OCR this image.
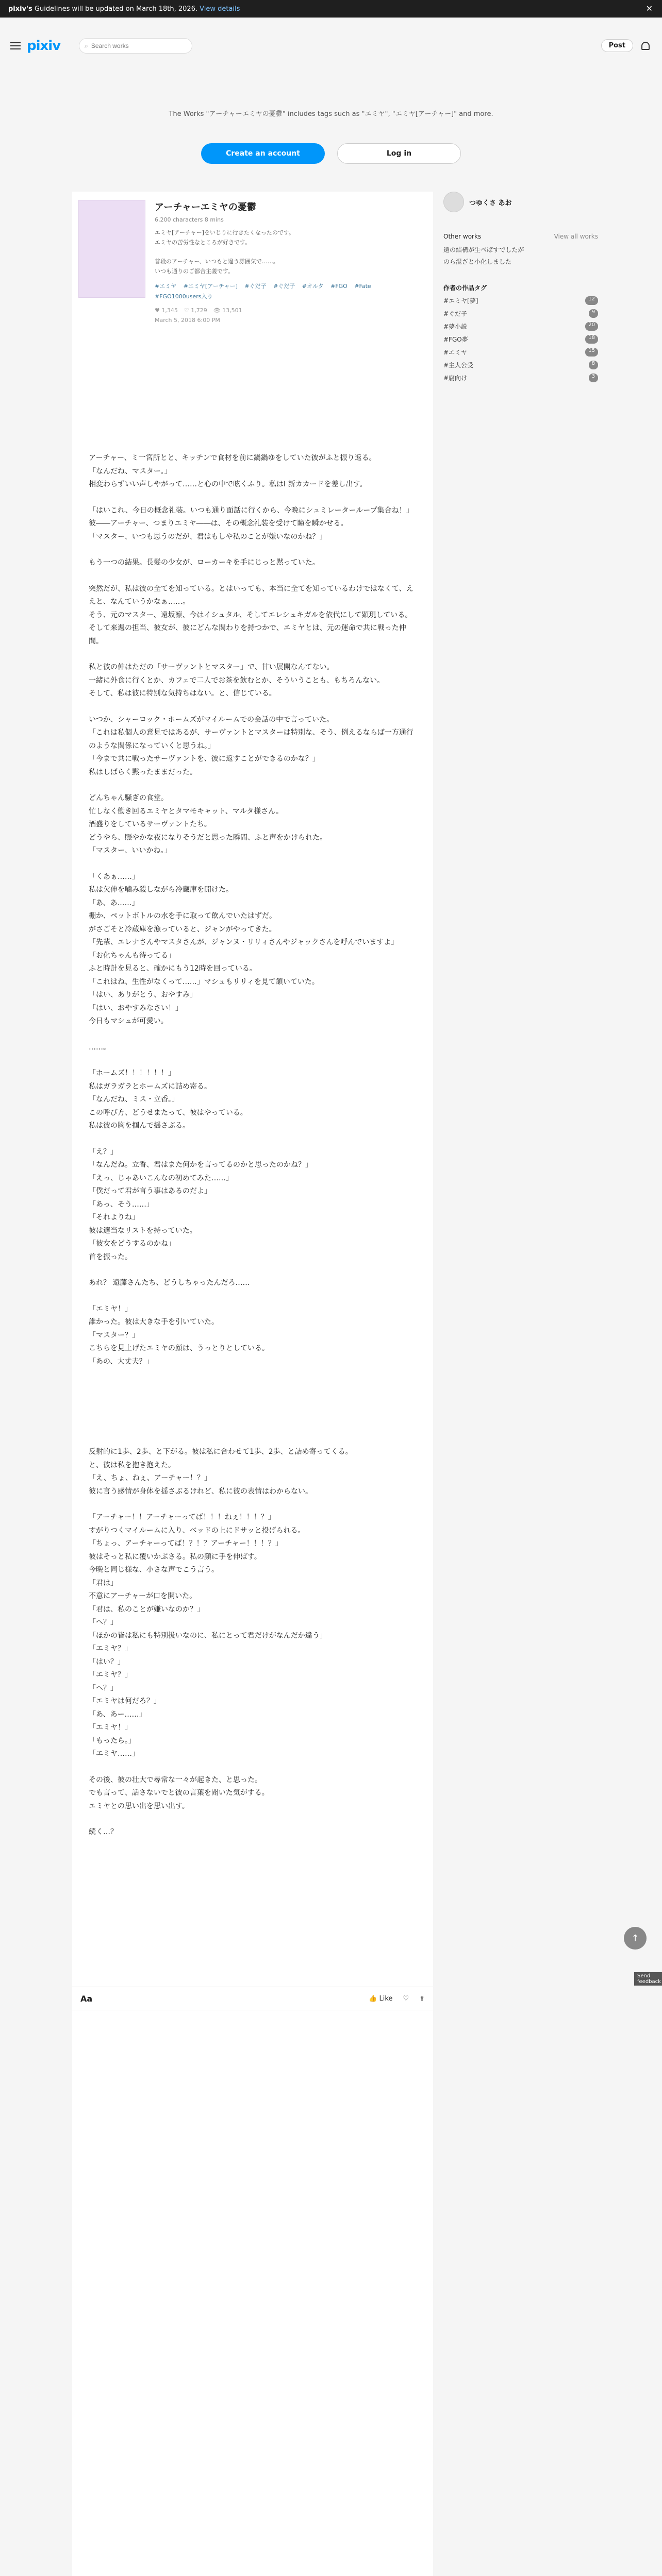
pixiv's
Guidelines will be updated on March 18th, 2026. View details	✕
pixiv	⌕
Search works	Post
The Works "アーチャーエミヤの憂鬱" includes tags such as "エミヤ", "エミヤ[アーチャー]" and more.
Create an account	Log in
アーチャーエミヤの憂鬱
6,200 characters 8 mins
エミヤ[アーチャー]をいじりに行きたくなったのです。
エミヤの苦労性なところが好きです。

普段のアーチャー、いつもと違う雰囲気で……。
いつも通りのご都合主義です。
#エミヤ #エミヤ[アーチャー] #ぐだ子 #ぐだ子 #オルタ #FGO #Fate #FGO1000users入り
♥ 1,345 ♡ 1,729 👁 13,501
March 5, 2018 6:00 PM

アーチャー、ミ一宮所とと、キッチンで食材を前に鍋鍋ゆをしていた彼がふと振り返る。
「なんだね、マスター。」
相変わらずいい声しやがって……と心の中で呟くふり。私はI 新カカードを差し出す。

「はいこれ、今日の概念礼装。いつも通り面話に行くから、今晩にシュミレーターループ集合ね！」
彼――アーチャー、つまりエミヤ――は、その概念礼装を受けて瞳を瞬かせる。
「マスター、いつも思うのだが、君はもしや私のことが嫌いなのかね？」

もう一つの結果。長髪の少女が、ローカーキを手にじっと黙っていた。

突然だが、私は彼の全てを知っている。とはいっても、本当に全てを知っているわけではなくて、ええと、なんていうかなぁ……。
そう、元のマスター、遠坂凛、今はイシュタル、そしてエレシュキガルを依代にして顕現している。
そして来週の担当、彼女が、彼にどんな関わりを持つかで、エミヤとは、元の運命で共に戦った仲間。

私と彼の仲はただの「サーヴァントとマスター」で、甘い展開なんてない。
一緒に外食に行くとか、カフェで二人でお茶を飲むとか、そういうことも、もちろんない。
そして、私は彼に特別な気持ちはない。と、信じている。

いつか、シャーロック・ホームズがマイルームでの会話の中で言っていた。
「これは私個人の意見ではあるが、サーヴァントとマスターは特別な、そう、例えるならば一方通行のような関係になっていくと思うね。」
「今まで共に戦ったサーヴァントを、彼に返すことができるのかな？」
私はしばらく黙ったままだった。

どんちゃん騒ぎの食堂。
忙しなく働き回るエミヤとタマモキャット、マルタ様さん。
酒盛りをしているサーヴァントたち。
どうやら、賑やかな夜になりそうだと思った瞬間、ふと声をかけられた。
「マスター、いいかね。」

「くあぁ……」
私は欠伸を噛み殺しながら冷蔵庫を開けた。
「あ、あ……」
棚か、ペットボトルの水を手に取って飲んでいたはずだ。
がさごそと冷蔵庫を漁っていると、ジャンがやってきた。
「先輩、エレナさんやマスタさんが、ジャンヌ・リリィさんやジャックさんを呼んでいますよ」
「お化ちゃんも待ってる」
ふと時計を見ると、確かにもう12時を回っている。
「これはね、生性がなくって……」マシュもリリィを見て頷いていた。
「はい、ありがとう、おやすみ」
「はい、おやすみなさい！」
今日もマシュが可愛い。

……。

「ホームズ！！！！！！」
私はガラガラとホームズに詰め寄る。
「なんだね、ミス・立香。」
この呼び方、どうせまたって、彼はやっている。
私は彼の胸を掴んで揺さぶる。

「え？」
「なんだね。立香、君はまた何かを言ってるのかと思ったのかね？」
「えっ、じゃあいこんなの初めてみた……」
「僕だって君が言う事はあるのだよ」
「あっ、そう……」
「それよりね」
彼は適当なリストを持っていた。
「彼女をどうするのかね」
首を振った。

あれ？ 遠藤さんたち、どうしちゃったんだろ……

「エミヤ！」
誰かった。彼は大きな手を引いていた。
「マスター？」
こちらを見上げたエミヤの顔は、うっとりとしている。
「あの、大丈夫？」

反射的に1歩、2歩、と下がる。彼は私に合わせて1歩、2歩、と詰め寄ってくる。
と、彼は私を抱き抱えた。
「え、ちょ、ねぇ、アーチャー！？」
彼に言う感情が身体を揺さぶるけれど、私に彼の表情はわからない。

「アーチャー！！アーチャーってば！！！ねぇ！！！？」
すがりつくマイルームに入り、ベッドの上にドサッと投げられる。
「ちょっ、アーチャーってば！？！？アーチャー！！！？」
彼はそっと私に覆いかぶさる。私の顔に手を伸ばす。
今晩と同じ様な、小さな声でこう言う。
「君は」
不意にアーチャーが口を開いた。
「君は、私のことが嫌いなのか？」
「へ？」
「ほかの皆は私にも特別扱いなのに、私にとって君だけがなんだか違う」
「エミヤ？」
「はい？」
「エミヤ？」
「へ？」
「エミヤは何だろ？」
「あ、あー……」
「エミヤ！」
「もったら。」
「エミヤ……」

その後、彼の壮大で尋常な一々が起きた、と思った。
でも言って、話さないでと彼の言葉を聞いた気がする。
エミヤとの思い出を思い出す。

続く…？

Aa	👍 Like ♡ ⇪
つゆくさ あお
Other works	View all works
遠の結構が生べばすでしたが
のら混ざと小化しました
作者の作品タグ
#エミヤ[夢]	12
#ぐだ子	9
#夢小説	20
#FGO夢	18
#エミヤ	15
#主人公受	8
#腐向け	3
↑
Send feedback
